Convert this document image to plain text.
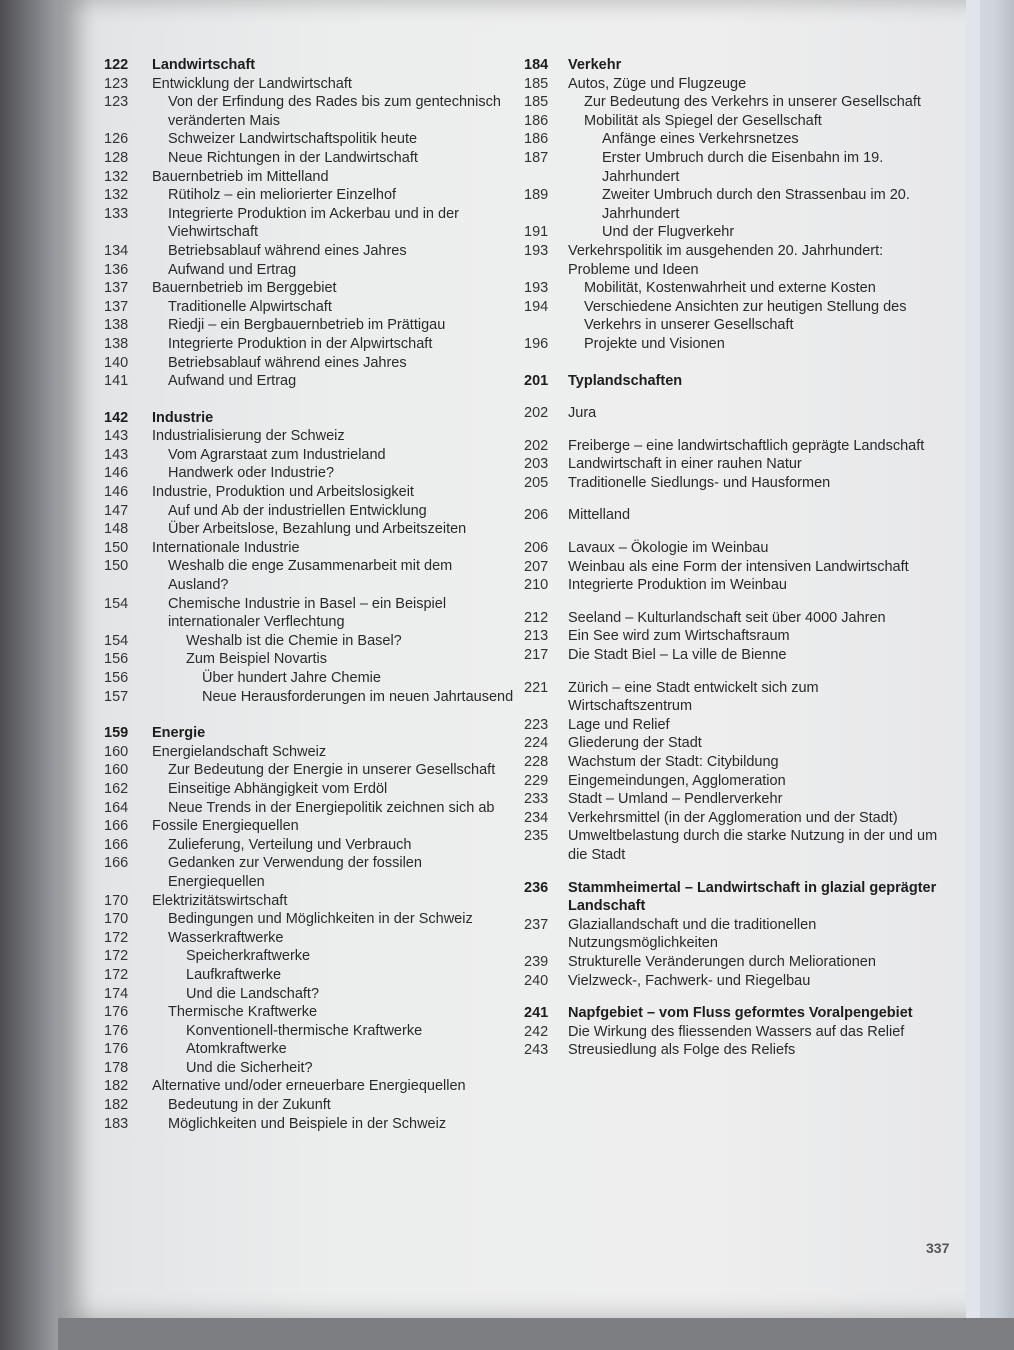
122	Landwirtschaft
123	Entwicklung der Landwirtschaft
123	Von der Erfindung des Rades bis zum gentechnisch veränderten Mais
126	Schweizer Landwirtschaftspolitik heute
128	Neue Richtungen in der Landwirtschaft
132	Bauernbetrieb im Mittelland
132	Rütiholz – ein meliorierter Einzelhof
133	Integrierte Produktion im Ackerbau und in der Viehwirtschaft
134	Betriebsablauf während eines Jahres
136	Aufwand und Ertrag
137	Bauernbetrieb im Berggebiet
137	Traditionelle Alpwirtschaft
138	Riedji – ein Bergbauernbetrieb im Prättigau
138	Integrierte Produktion in der Alpwirtschaft
140	Betriebsablauf während eines Jahres
141	Aufwand und Ertrag
142	Industrie
143	Industrialisierung der Schweiz
143	Vom Agrarstaat zum Industrieland
146	Handwerk oder Industrie?
146	Industrie, Produktion und Arbeitslosigkeit
147	Auf und Ab der industriellen Entwicklung
148	Über Arbeitslose, Bezahlung und Arbeitszeiten
150	Internationale Industrie
150	Weshalb die enge Zusammenarbeit mit dem Ausland?
154	Chemische Industrie in Basel – ein Beispiel internationaler Verflechtung
154	Weshalb ist die Chemie in Basel?
156	Zum Beispiel Novartis
156	Über hundert Jahre Chemie
157	Neue Herausforderungen im neuen Jahrtausend
159	Energie
160	Energielandschaft Schweiz
160	Zur Bedeutung der Energie in unserer Gesellschaft
162	Einseitige Abhängigkeit vom Erdöl
164	Neue Trends in der Energiepolitik zeichnen sich ab
166	Fossile Energiequellen
166	Zulieferung, Verteilung und Verbrauch
166	Gedanken zur Verwendung der fossilen Energiequellen
170	Elektrizitätswirtschaft
170	Bedingungen und Möglichkeiten in der Schweiz
172	Wasserkraftwerke
172	Speicherkraftwerke
172	Laufkraftwerke
174	Und die Landschaft?
176	Thermische Kraftwerke
176	Konventionell-thermische Kraftwerke
176	Atomkraftwerke
178	Und die Sicherheit?
182	Alternative und/oder erneuerbare Energiequellen
182	Bedeutung in der Zukunft
183	Möglichkeiten und Beispiele in der Schweiz
184	Verkehr
185	Autos, Züge und Flugzeuge
185	Zur Bedeutung des Verkehrs in unserer Gesellschaft
186	Mobilität als Spiegel der Gesellschaft
186	Anfänge eines Verkehrsnetzes
187	Erster Umbruch durch die Eisenbahn im 19. Jahrhundert
189	Zweiter Umbruch durch den Strassenbau im 20. Jahrhundert
191	Und der Flugverkehr
193	Verkehrspolitik im ausgehenden 20. Jahrhundert: Probleme und Ideen
193	Mobilität, Kostenwahrheit und externe Kosten
194	Verschiedene Ansichten zur heutigen Stellung des Verkehrs in unserer Gesellschaft
196	Projekte und Visionen
201	Typlandschaften
202	Jura
202	Freiberge – eine landwirtschaftlich geprägte Landschaft
203	Landwirtschaft in einer rauhen Natur
205	Traditionelle Siedlungs- und Hausformen
206	Mittelland
206	Lavaux – Ökologie im Weinbau
207	Weinbau als eine Form der intensiven Landwirtschaft
210	Integrierte Produktion im Weinbau
212	Seeland – Kulturlandschaft seit über 4000 Jahren
213	Ein See wird zum Wirtschaftsraum
217	Die Stadt Biel – La ville de Bienne
221	Zürich – eine Stadt entwickelt sich zum Wirtschaftszentrum
223	Lage und Relief
224	Gliederung der Stadt
228	Wachstum der Stadt: Citybildung
229	Eingemeindungen, Agglomeration
233	Stadt – Umland – Pendlerverkehr
234	Verkehrsmittel (in der Agglomeration und der Stadt)
235	Umweltbelastung durch die starke Nutzung in der und um die Stadt
236	Stammheimertal – Landwirtschaft in glazial geprägter Landschaft
237	Glaziallandschaft und die traditionellen Nutzungsmöglichkeiten
239	Strukturelle Veränderungen durch Meliorationen
240	Vielzweck-, Fachwerk- und Riegelbau
241	Napfgebiet – vom Fluss geformtes Voralpengebiet
242	Die Wirkung des fliessenden Wassers auf das Relief
243	Streusiedlung als Folge des Reliefs
337
